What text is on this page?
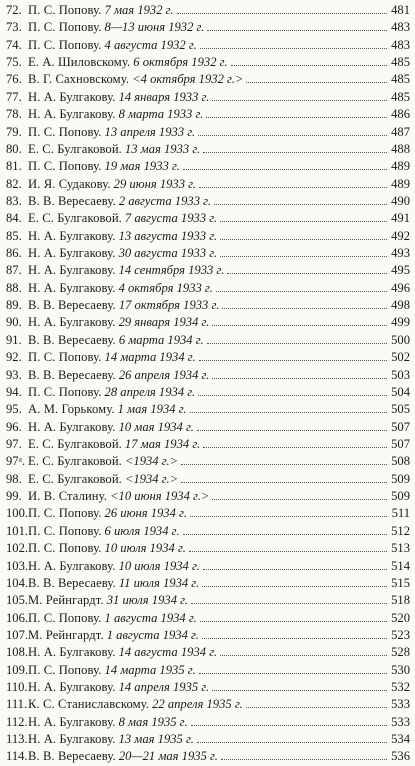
72. П. С. Попову. 7 мая 1932 г.	481
73. П. С. Попову. 8—13 июня 1932 г.	483
74. П. С. Попову. 4 августа 1932 г.	483
75. Е. А. Шиловскому. 6 октября 1932 г.	485
76. В. Г. Сахновскому. <4 октября 1932 г.>	485
77. Н. А. Булгакову. 14 января 1933 г.	485
78. Н. А. Булгакову. 8 марта 1933 г.	486
79. П. С. Попову. 13 апреля 1933 г.	487
80. Е. С. Булгаковой. 13 мая 1933 г.	488
81. П. С. Попову. 19 мая 1933 г.	489
82. И. Я. Судакову. 29 июня 1933 г.	489
83. В. В. Вересаеву. 2 августа 1933 г.	490
84. Е. С. Булгаковой. 7 августа 1933 г.	491
85. Н. А. Булгакову. 13 августа 1933 г.	492
86. Н. А. Булгакову. 30 августа 1933 г.	493
87. Н. А. Булгакову. 14 сентября 1933 г.	495
88. Н. А. Булгакову. 4 октября 1933 г.	496
89. В. В. Вересаеву. 17 октября 1933 г.	498
90. Н. А. Булгакову. 29 января 1934 г.	499
91. В. В. Вересаеву. 6 марта 1934 г.	500
92. П. С. Попову. 14 марта 1934 г.	502
93. В. В. Вересаеву. 26 апреля 1934 г.	503
94. П. С. Попову. 28 апреля 1934 г.	504
95. А. М. Горькому. 1 мая 1934 г.	505
96. Н. А. Булгакову. 10 мая 1934 г.	507
97. Е. С. Булгаковой. 17 мая 1934 г.	507
97ᵃ. Е. С. Булгаковой. <1934 г.>	508
98. Е. С. Булгаковой. <1934 г.>	509
99. И. В. Сталину. <10 июня 1934 г.>	509
100. П. С. Попову. 26 июня 1934 г.	511
101. П. С. Попову. 6 июля 1934 г.	512
102. П. С. Попову. 10 июля 1934 г.	513
103. Н. А. Булгакову. 10 июля 1934 г.	514
104. В. В. Вересаеву. 11 июля 1934 г.	515
105. М. Рейнгардт. 31 июля 1934 г.	518
106. П. С. Попову. 1 августа 1934 г.	520
107. М. Рейнгардт. 1 августа 1934 г.	523
108. Н. А. Булгакову. 14 августа 1934 г.	528
109. П. С. Попову. 14 марта 1935 г.	530
110. Н. А. Булгакову. 14 апреля 1935 г.	532
111. К. С. Станиславскому. 22 апреля 1935 г.	533
112. Н. А. Булгакову. 8 мая 1935 г.	533
113. Н. А. Булгакову. 13 мая 1935 г.	534
114. В. В. Вересаеву. 20—21 мая 1935 г.	536
